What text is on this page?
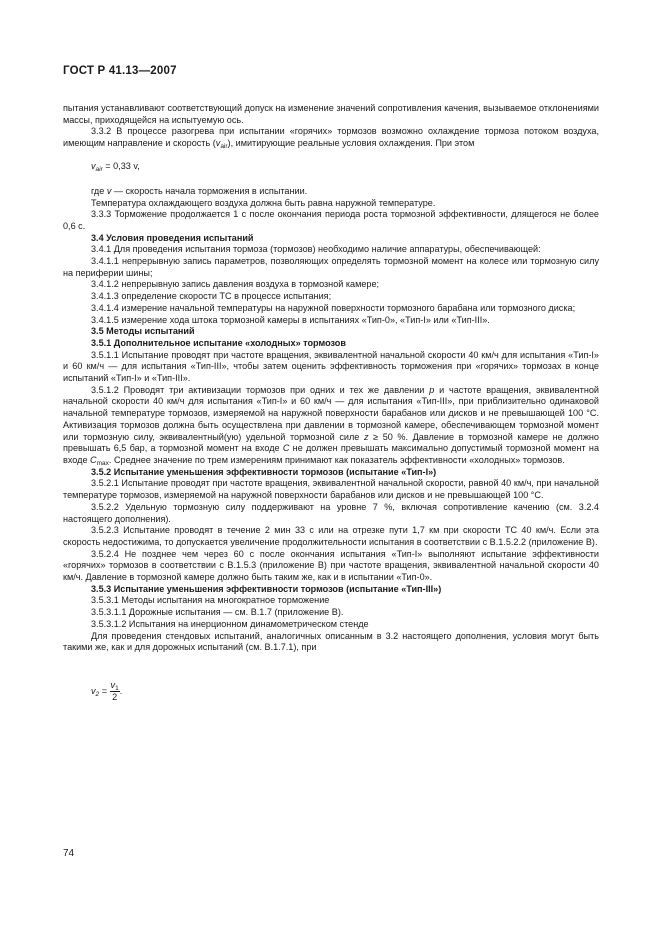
ГОСТ Р 41.13—2007

пытания устанавливают соответствующий допуск на изменение значений сопротивления качения, вызываемое отклонениями массы, приходящейся на испытуемую ось.

3.3.2 В процессе разогрева при испытании «горячих» тормозов возможно охлаждение тормоза потоком воздуха, имеющим направление и скорость $(v_{air})$, имитирующие реальные условия охлаждения. При этом

$v_{air} = 0,33$ v,

где v — скорость начала торможения в испытании.

Температура охлаждающего воздуха должна быть равна наружной температуре.

3.3.3 Торможение продолжается 1 с после окончания периода роста тормозной эффективности, длящегося не более 0,6 с.

3.4 Условия проведения испытаний

3.4.1 Для проведения испытания тормоза (тормозов) необходимо наличие аппаратуры, обеспечивающей:

3.4.1.1 непрерывную запись параметров, позволяющих определять тормозной момент на колесе или тормозную силу на периферии шины;

3.4.1.2 непрерывную запись давления воздуха в тормозной камере;

3.4.1.3 определение скорости ТС в процессе испытания;

3.4.1.4 измерение начальной температуры на наружной поверхности тормозного барабана или тормозного диска;

3.4.1.5 измерение хода штока тормозной камеры в испытаниях «Тип-0», «Тип-I» или «Тип-III».

3.5 Методы испытаний

3.5.1 Дополнительное испытание «холодных» тормозов

3.5.1.1 Испытание проводят при частоте вращения, эквивалентной начальной скорости 40 км/ч для испытания «Тип-I» и 60 км/ч — для испытания «Тип-III», чтобы затем оценить эффективность торможения при «горячих» тормозах в конце испытаний «Тип-I» и «Тип-III».

3.5.1.2 Проводят три активизации тормозов при одних и тех же давлении p и частоте вращения, эквивалентной начальной скорости 40 км/ч для испытания «Тип-I» и 60 км/ч — для испытания «Тип-III», при приблизительно одинаковой начальной температуре тормозов, измеряемой на наружной поверхности барабанов или дисков и не превышающей 100 °С. Активизация тормозов должна быть осуществлена при давлении в тормозной камере, обеспечивающем тормозной момент или тормозную силу, эквивалентный(ую) удельной тормозной силе z ≥ 50 %. Давление в тормозной камере не должно превышать 6,5 бар, а тормозной момент на входе C не должен превышать максимально допустимый тормозной момент на входе $C_{max}$. Среднее значение по трем измерениям принимают как показатель эффективности «холодных» тормозов.

3.5.2 Испытание уменьшения эффективности тормозов (испытание «Тип-I»)

3.5.2.1 Испытание проводят при частоте вращения, эквивалентной начальной скорости, равной 40 км/ч, при начальной температуре тормозов, измеряемой на наружной поверхности барабанов или дисков и не превышающей 100 °С.

3.5.2.2 Удельную тормозную силу поддерживают на уровне 7 %, включая сопротивление качению (см. 3.2.4 настоящего дополнения).

3.5.2.3 Испытание проводят в течение 2 мин 33 с или на отрезке пути 1,7 км при скорости ТС 40 км/ч. Если эта скорость недостижима, то допускается увеличение продолжительности испытания в соответствии с В.1.5.2.2 (приложение В).

3.5.2.4 Не позднее чем через 60 с после окончания испытания «Тип-I» выполняют испытание эффективности «горячих» тормозов в соответствии с В.1.5.3 (приложение В) при частоте вращения, эквивалентной начальной скорости 40 км/ч. Давление в тормозной камере должно быть таким же, как и в испытании «Тип-0».

3.5.3 Испытание уменьшения эффективности тормозов (испытание «Тип-III»)

3.5.3.1 Методы испытания на многократное торможение

3.5.3.1.1 Дорожные испытания — см. В.1.7 (приложение В).

3.5.3.1.2 Испытания на инерционном динамометрическом стенде

Для проведения стендовых испытаний, аналогичных описанным в 3.2 настоящего дополнения, условия могут быть такими же, как и для дорожных испытаний (см. В.1.7.1), при

$v_2 = \frac{v_1}{2}$ .
74
